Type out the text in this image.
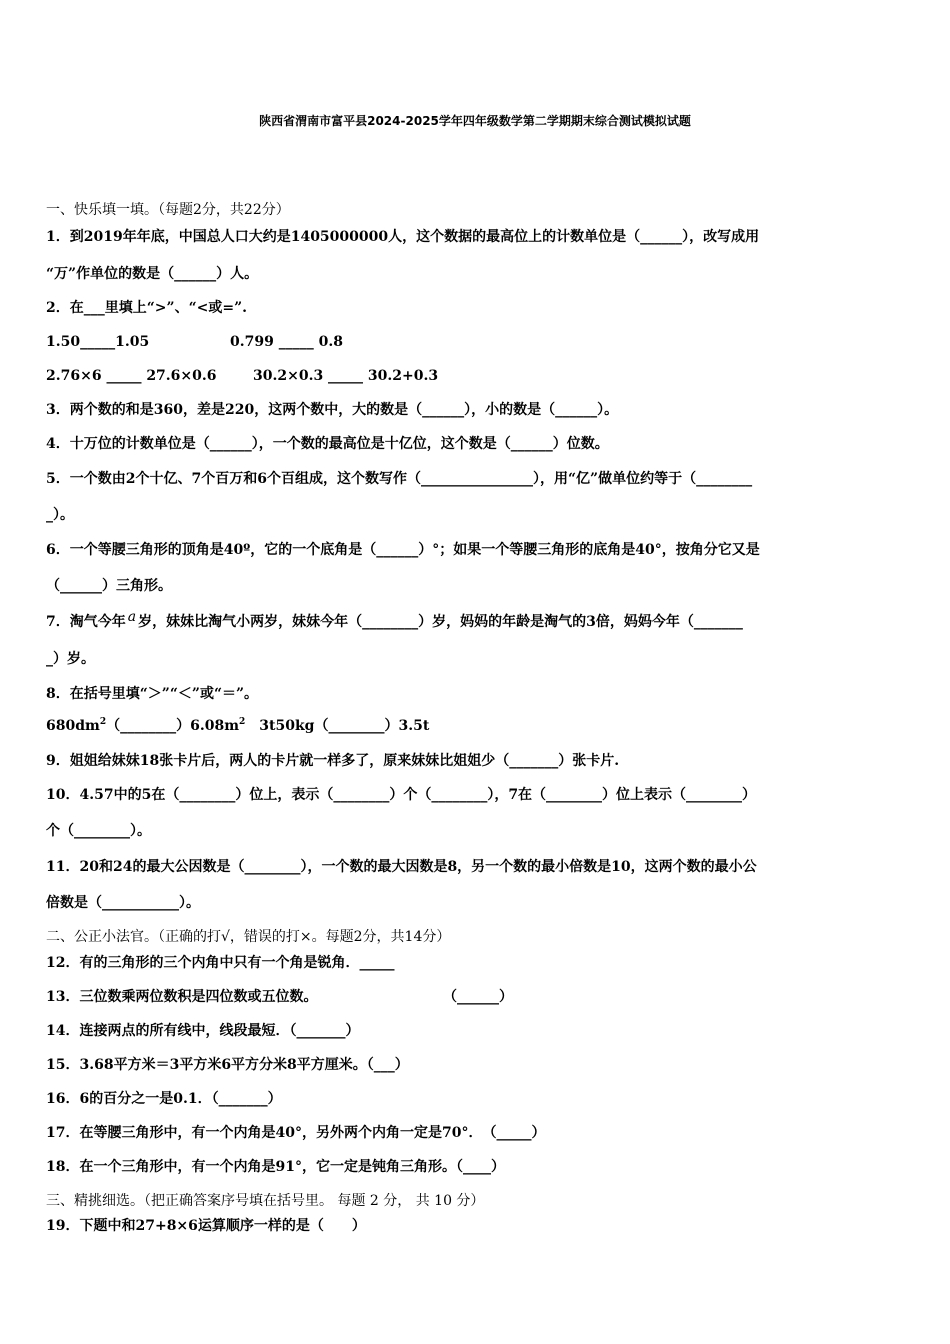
陕西省渭南市富平县2024-2025学年四年级数学第二学期期末综合测试模拟试题
一、快乐填一填。（每题2分，共22分）
1．到2019年年底，中国总人口大约是1405000000人，这个数据的最高位上的计数单位是（______），改写成用
“万”作单位的数是（______）人。
2．在___里填上“>”、“<或=”.
1.50_____1.05	0.799 _____ 0.8
2.76×6 _____ 27.6×0.6	30.2×0.3 _____ 30.2+0.3
3．两个数的和是360，差是220，这两个数中，大的数是（______），小的数是（______）。
4．十万位的计数单位是（______），一个数的最高位是十亿位，这个数是（______）位数。
5．一个数由2个十亿、7个百万和6个百组成，这个数写作（________________），用“亿”做单位约等于（________
_）。
6．一个等腰三角形的顶角是40º，它的一个底角是（______）°；如果一个等腰三角形的底角是40°，按角分它又是
（______）三角形。
7．淘气今年 a 岁，妹妹比淘气小两岁，妹妹今年（________）岁，妈妈的年龄是淘气的3倍，妈妈今年（_______
_）岁。
8．在括号里填“＞”“＜”或“＝”。
$680dm^2(\_\_\_\_\_\_\_\_)6.08m^2$ 3t50kg（________）3.5t
9．姐姐给妹妹18张卡片后，两人的卡片就一样多了，原来妹妹比姐姐少（_______）张卡片.
10．4.57中的5在（________）位上，表示（________）个（________），7在（________）位上表示（________）
个（________）。
11．20和24的最大公因数是（________），一个数的最大因数是8，另一个数的最小倍数是10，这两个数的最小公
倍数是（___________）。
二、公正小法官。（正确的打√，错误的打×。每题2分，共14分）
12．有的三角形的三个内角中只有一个角是锐角．_____
13．三位数乘两位数积是四位数或五位数。	（______）
14．连接两点的所有线中，线段最短．（_______）
15．3.68平方米＝3平方米6平方分米8平方厘米。（___）
16．6的百分之一是0.1．（_______）
17．在等腰三角形中，有一个内角是40°，另外两个内角一定是70°．　（_____）
18．在一个三角形中，有一个内角是91°，它一定是钝角三角形。（____）
三、精挑细选。（把正确答案序号填在括号里。 每题 2 分， 共 10 分）
19．下题中和27+8×6运算顺序一样的是（　　）
